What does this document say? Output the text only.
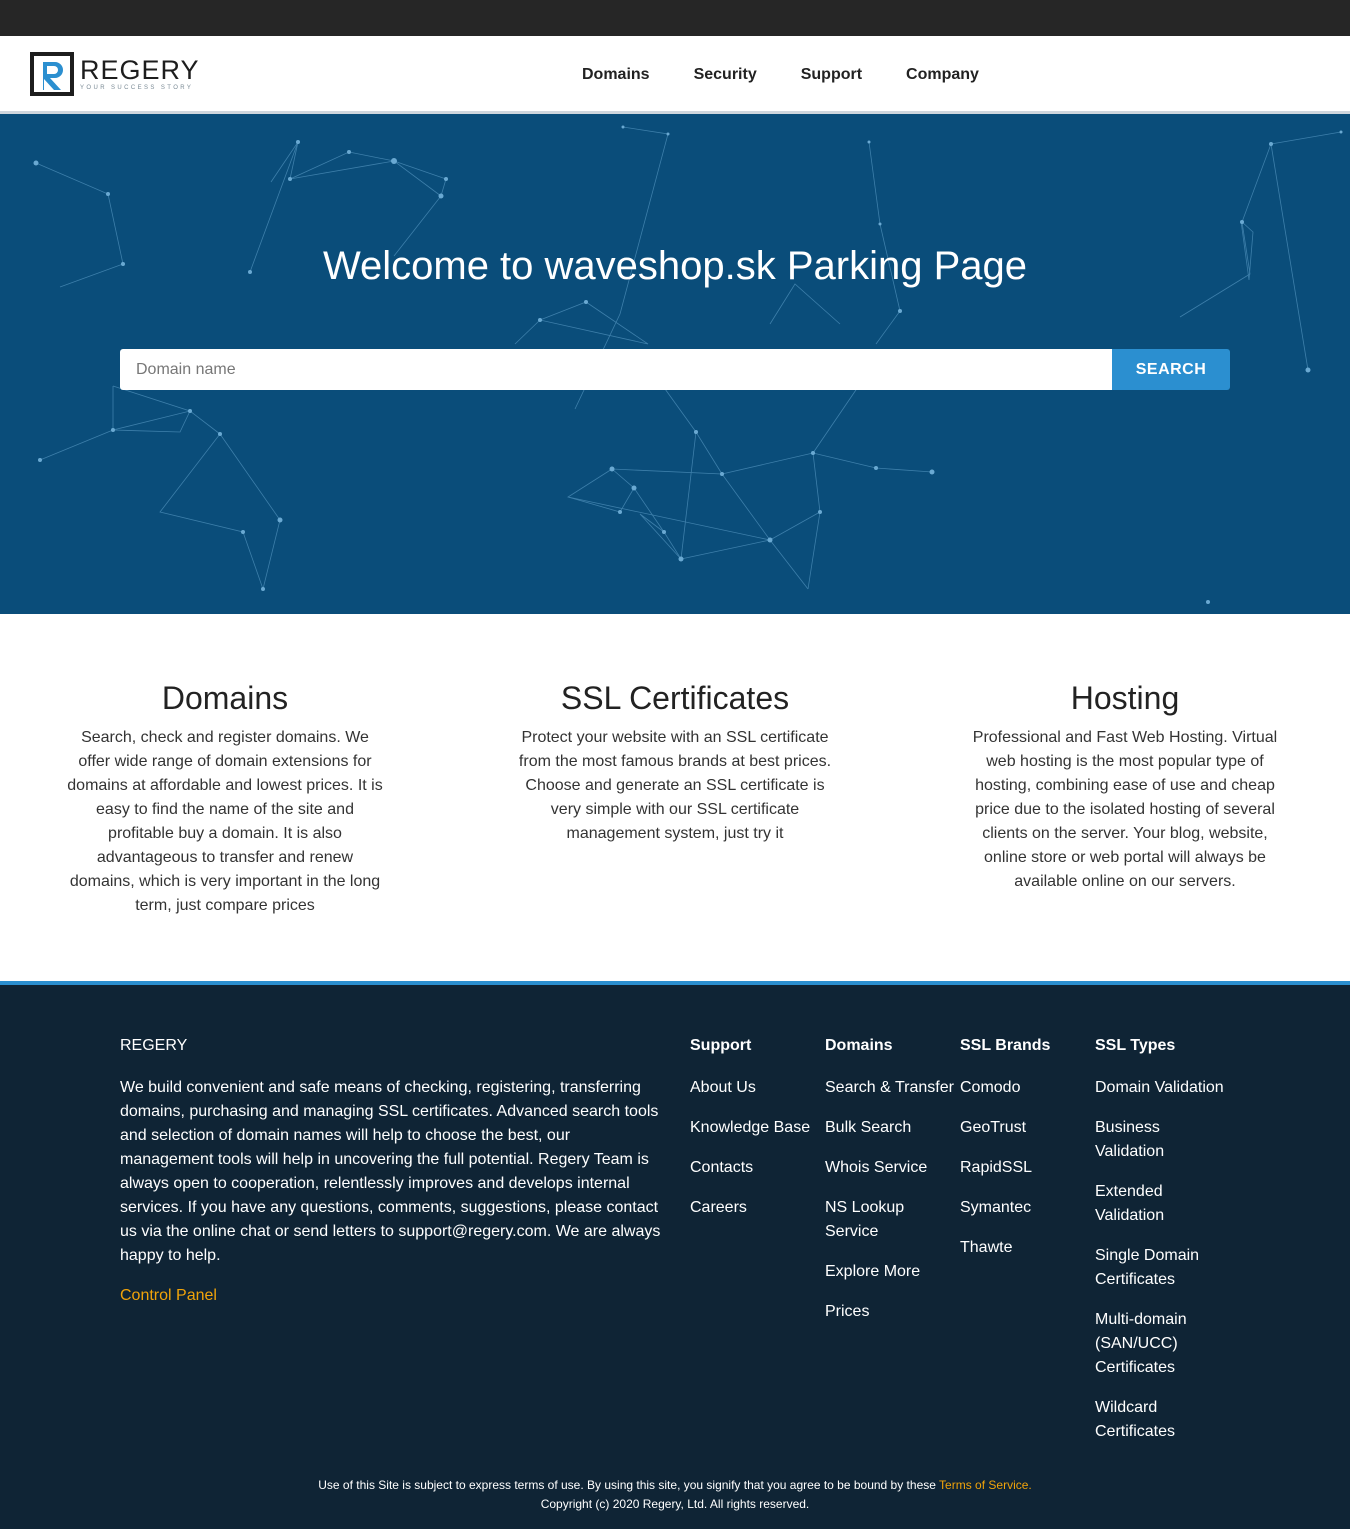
REGERY
YOUR SUCCESS STORY
Domains	Security	Support	Company
Welcome to waveshop.sk Parking Page
Domain name
SEARCH
Domains

Search, check and register domains. We offer wide range of domain extensions for domains at affordable and lowest prices. It is easy to find the name of the site and profitable buy a domain. It is also advantageous to transfer and renew domains, which is very important in the long term, just compare prices

SSL Certificates

Protect your website with an SSL certificate from the most famous brands at best prices. Choose and generate an SSL certificate is very simple with our SSL certificate management system, just try it

Hosting

Professional and Fast Web Hosting. Virtual web hosting is the most popular type of hosting, combining ease of use and cheap price due to the isolated hosting of several clients on the server. Your blog, website, online store or web portal will always be available online on our servers.

REGERY

We build convenient and safe means of checking, registering, transferring domains, purchasing and managing SSL certificates. Advanced search tools and selection of domain names will help to choose the best, our management tools will help in uncovering the full potential. Regery Team is always open to cooperation, relentlessly improves and develops internal services. If you have any questions, comments, suggestions, please contact us via the online chat or send letters to support@regery.com. We are always happy to help.

Control Panel
Support
About Us
Knowledge Base
Contacts
Careers
Domains
Search & Transfer
Bulk Search
Whois Service
NS Lookup Service
Explore More
Prices
SSL Brands
Comodo
GeoTrust
RapidSSL
Symantec
Thawte
SSL Types
Domain Validation
Business Validation
Extended Validation
Single Domain Certificates
Multi-domain (SAN/UCC) Certificates
Wildcard Certificates
Use of this Site is subject to express terms of use. By using this site, you signify that you agree to be bound by these Terms of Service.
Copyright (c) 2020 Regery, Ltd. All rights reserved.
